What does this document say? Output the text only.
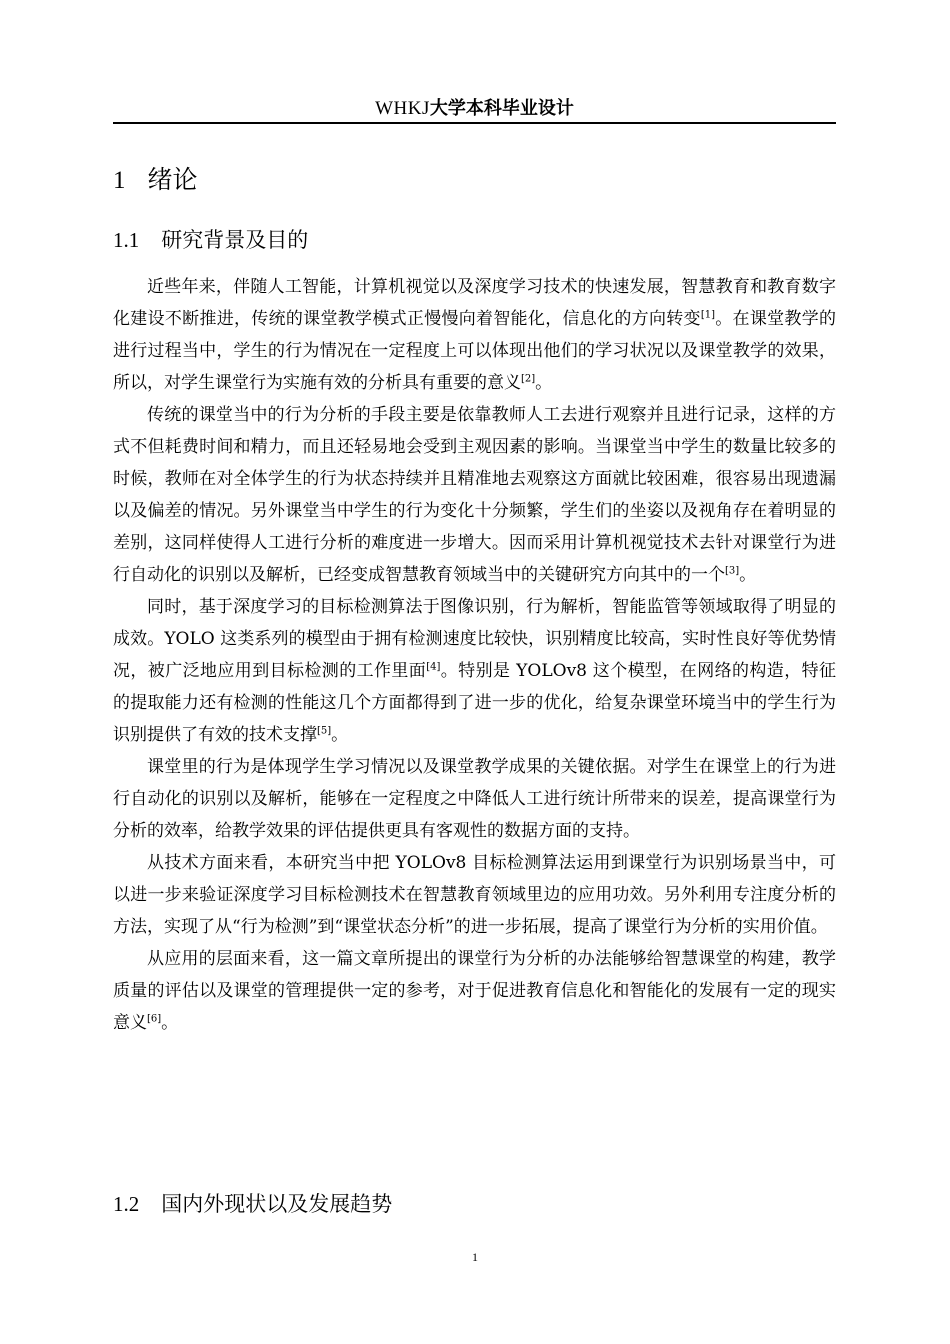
WHKJ大学本科毕业设计
1 绪论
1.1 研究背景及目的

近些年来，伴随人工智能，计算机视觉以及深度学习技术的快速发展，智慧教育和教育数字化建设不断推进，传统的课堂教学模式正慢慢向着智能化，信息化的方向转变[1]。在课堂教学的进行过程当中，学生的行为情况在一定程度上可以体现出他们的学习状况以及课堂教学的效果，所以，对学生课堂行为实施有效的分析具有重要的意义[2]。

传统的课堂当中的行为分析的手段主要是依靠教师人工去进行观察并且进行记录，这样的方式不但耗费时间和精力，而且还轻易地会受到主观因素的影响。当课堂当中学生的数量比较多的时候，教师在对全体学生的行为状态持续并且精准地去观察这方面就比较困难，很容易出现遗漏以及偏差的情况。另外课堂当中学生的行为变化十分频繁，学生们的坐姿以及视角存在着明显的差别，这同样使得人工进行分析的难度进一步增大。因而采用计算机视觉技术去针对课堂行为进行自动化的识别以及解析，已经变成智慧教育领域当中的关键研究方向其中的一个[3]。

同时，基于深度学习的目标检测算法于图像识别，行为解析，智能监管等领域取得了明显的成效。YOLO 这类系列的模型由于拥有检测速度比较快，识别精度比较高，实时性良好等优势情况，被广泛地应用到目标检测的工作里面[4]。特别是 YOLOv8 这个模型，在网络的构造，特征的提取能力还有检测的性能这几个方面都得到了进一步的优化，给复杂课堂环境当中的学生行为识别提供了有效的技术支撑[5]。

课堂里的行为是体现学生学习情况以及课堂教学成果的关键依据。对学生在课堂上的行为进行自动化的识别以及解析，能够在一定程度之中降低人工进行统计所带来的误差，提高课堂行为分析的效率，给教学效果的评估提供更具有客观性的数据方面的支持。

从技术方面来看，本研究当中把 YOLOv8 目标检测算法运用到课堂行为识别场景当中，可以进一步来验证深度学习目标检测技术在智慧教育领域里边的应用功效。另外利用专注度分析的方法，实现了从“行为检测”到“课堂状态分析”的进一步拓展，提高了课堂行为分析的实用价值。

从应用的层面来看，这一篇文章所提出的课堂行为分析的办法能够给智慧课堂的构建，教学质量的评估以及课堂的管理提供一定的参考，对于促进教育信息化和智能化的发展有一定的现实意义[6]。

1.2 国内外现状以及发展趋势
1
